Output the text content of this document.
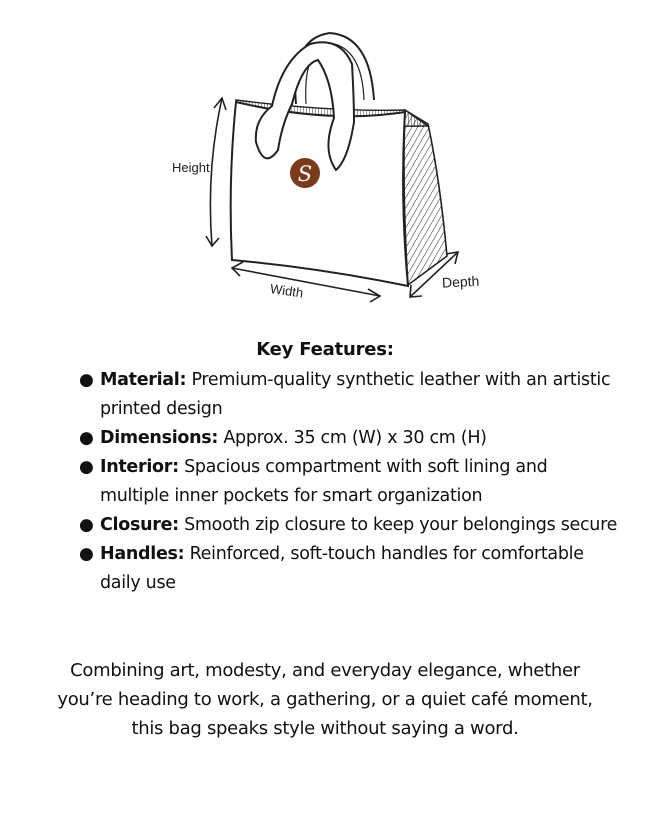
S
Height
Width	Depth
Key Features:
● Material: Premium-quality synthetic leather with an artistic printed design
● Dimensions: Approx. 35 cm (W) x 30 cm (H)
● Interior: Spacious compartment with soft lining and multiple inner pockets for smart organization
● Closure: Smooth zip closure to keep your belongings secure
● Handles: Reinforced, soft-touch handles for comfortable daily use
Combining art, modesty, and everyday elegance, whether you’re heading to work, a gathering, or a quiet café moment, this bag speaks style without saying a word.
